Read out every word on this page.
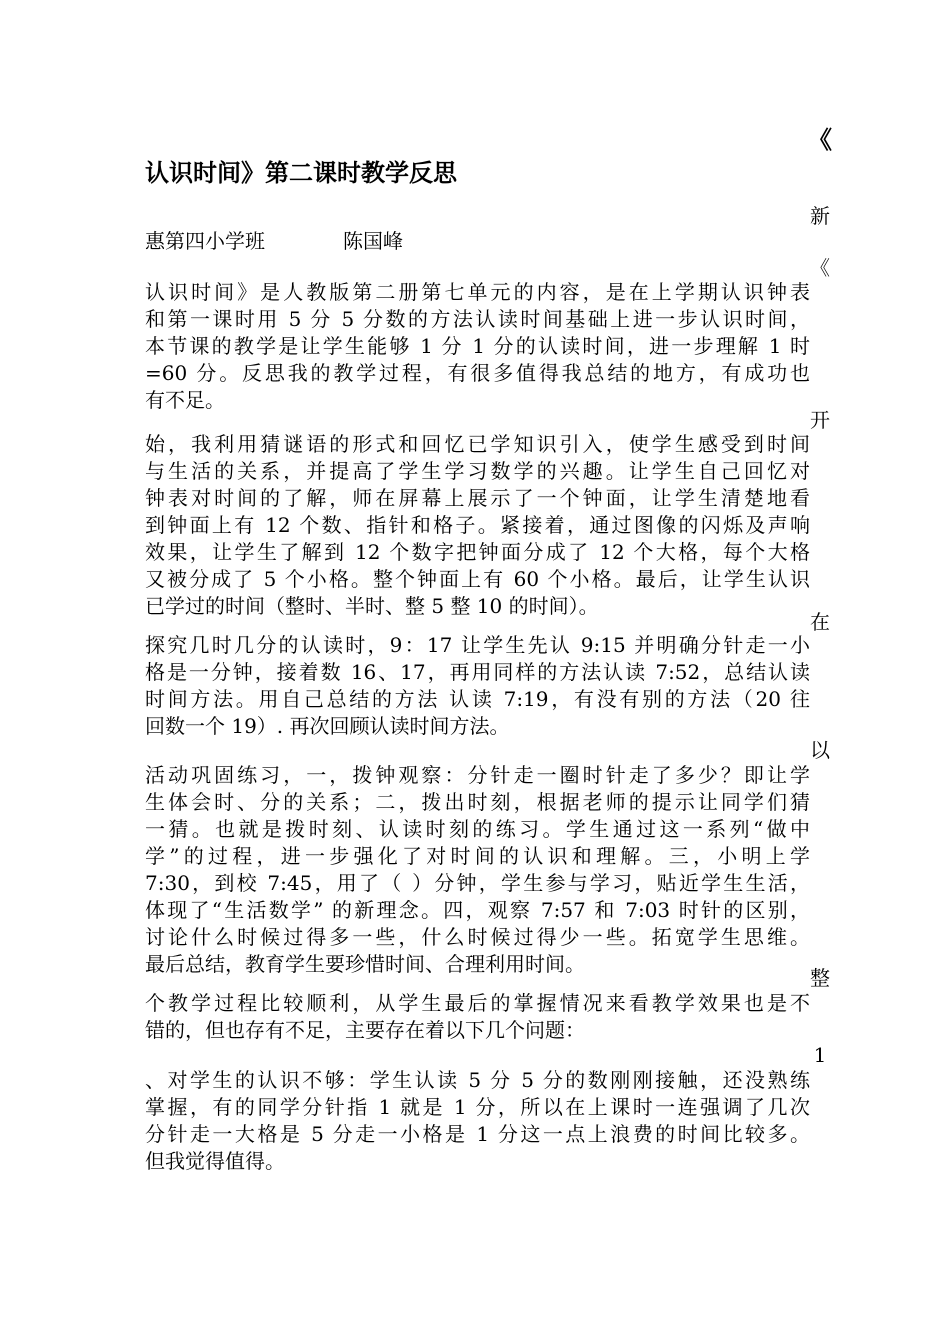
《
新
《
开
在
以
整
1
认识时间》第二课时教学反思
惠第四小学班	陈国峰
认识时间》是人教版第二册第七单元的内容，是在上学期认识钟表
和第一课时用 5 分 5 分数的方法认读时间基础上进一步认识时间，
本节课的教学是让学生能够 1 分 1 分的认读时间，进一步理解 1 时
=60 分。反思我的教学过程，有很多值得我总结的地方，有成功也
有不足。
始，我利用猜谜语的形式和回忆已学知识引入，使学生感受到时间
与生活的关系，并提高了学生学习数学的兴趣。让学生自己回忆对
钟表对时间的了解，师在屏幕上展示了一个钟面，让学生清楚地看
到钟面上有 12 个数、指针和格子。紧接着，通过图像的闪烁及声响
效果，让学生了解到 12 个数字把钟面分成了 12 个大格，每个大格
又被分成了 5 个小格。整个钟面上有 60 个小格。最后，让学生认识
已学过的时间（整时、半时、整 5 整 10 的时间）。
探究几时几分的认读时，9：17 让学生先认 9:15 并明确分针走一小
格是一分钟，接着数 16、17，再用同样的方法认读 7:52，总结认读
时间方法。用自己总结的方法 认读 7:19，有没有别的方法（20 往
回数一个 19）. 再次回顾认读时间方法。
活动巩固练习，一，拨钟观察：分针走一圈时针走了多少？即让学
生体会时、分的关系；二，拨出时刻，根据老师的提示让同学们猜
一猜。也就是拨时刻、认读时刻的练习。学生通过这一系列“做中
学”的过程，进一步强化了对时间的认识和理解。三，小明上学
7:30，到校 7:45，用了（ ）分钟，学生参与学习，贴近学生生活，
体现了“生活数学” 的新理念。四，观察 7:57 和 7:03 时针的区别，
讨论什么时候过得多一些，什么时候过得少一些。拓宽学生思维。
最后总结，教育学生要珍惜时间、合理利用时间。
个教学过程比较顺利，从学生最后的掌握情况来看教学效果也是不
错的，但也存有不足，主要存在着以下几个问题：
、对学生的认识不够：学生认读 5 分 5 分的数刚刚接触，还没熟练
掌握，有的同学分针指 1 就是 1 分，所以在上课时一连强调了几次
分针走一大格是 5 分走一小格是 1 分这一点上浪费的时间比较多。
但我觉得值得。
